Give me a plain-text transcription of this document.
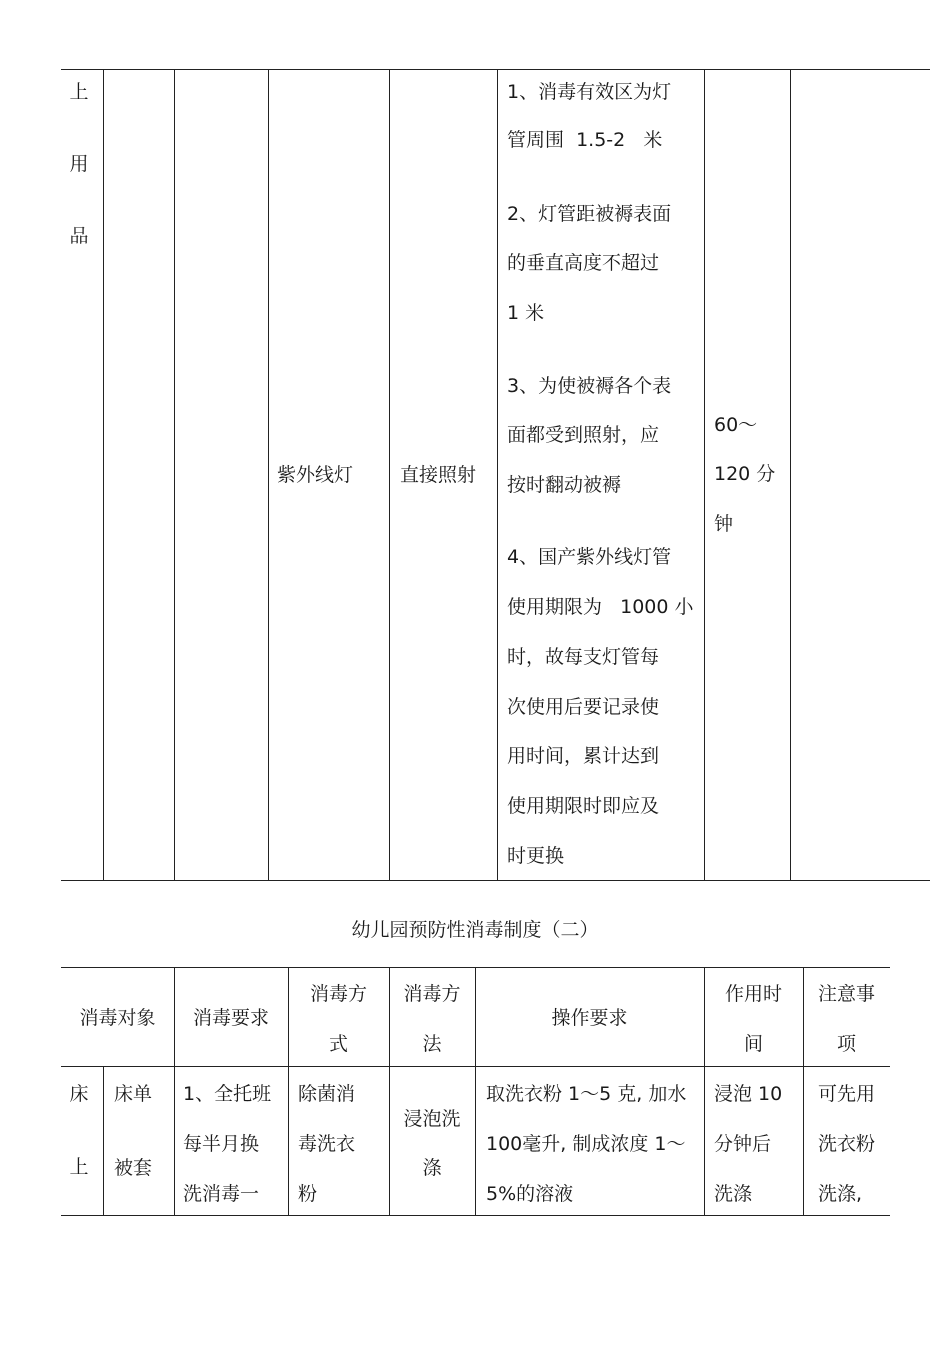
上
用
品
紫外线灯 直接照射
1、消毒有效区为灯
管周围  1.5-2   米
2、灯管距被褥表面
的垂直高度不超过
1 米
3、为使被褥各个表
面都受到照射，应
按时翻动被褥
4、国产紫外线灯管
使用期限为   1000 小
时，故每支灯管每
次使用后要记录使
用时间，累计达到
使用期限时即应及
时更换
60～
120 分
钟
幼儿园预防性消毒制度（二）
消毒对象	消毒要求
消毒方
式
消毒方
法
操作要求
作用时
间
注意事
项
床
上
床单
被套
1、全托班
每半月换
洗消毒一
除菌消
毒洗衣
粉
浸泡洗
涤
取洗衣粉 1～5 克, 加水
100毫升, 制成浓度 1～
5%的溶液
浸泡 10
分钟后
洗涤
可先用
洗衣粉
洗涤,
